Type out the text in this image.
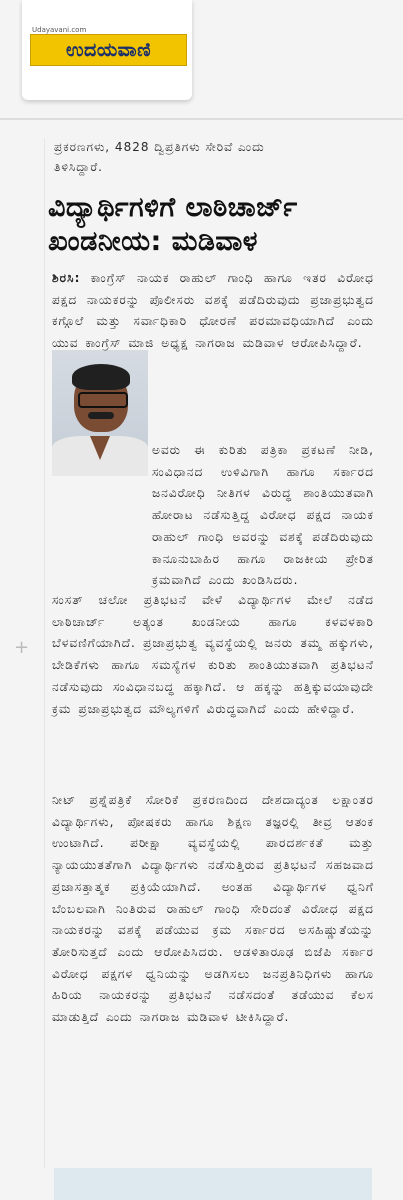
Udayavani.com
ಉದಯವಾಣಿ
ಪ್ರಕರಣಗಳು, 4828 ದ್ವಿಪ್ರತಿಗಳು ಸೇರಿವೆ ಎಂದು
ತಿಳಿಸಿದ್ದಾರೆ.
ವಿದ್ಯಾರ್ಥಿಗಳಿಗೆ ಲಾಠಿಚಾರ್ಜ್
ಖಂಡನೀಯ: ಮಡಿವಾಳ

ಶಿರಸಿ: ಕಾಂಗ್ರೆಸ್ ನಾಯಕ ರಾಹುಲ್ ಗಾಂಧಿ ಹಾಗೂ ಇತರ ವಿರೋಧ ಪಕ್ಷದ ನಾಯಕರನ್ನು ಪೊಲೀಸರು ವಶಕ್ಕೆ ಪಡೆದಿರುವುದು ಪ್ರಜಾಪ್ರಭುತ್ವದ ಕಗ್ಗೊಲೆ ಮತ್ತು ಸರ್ವಾಧಿಕಾರಿ ಧೋರಣೆ ಪರಮಾವಧಿಯಾಗಿದೆ ಎಂದು ಯುವ ಕಾಂಗ್ರೆಸ್ ಮಾಜಿ ಅಧ್ಯಕ್ಷ ನಾಗರಾಜ ಮಡಿವಾಳ ಆರೋಪಿಸಿದ್ದಾರೆ.

ಅವರು ಈ ಕುರಿತು ಪತ್ರಿಕಾ ಪ್ರಕಟಣೆ ನೀಡಿ, ಸಂವಿಧಾನದ ಉಳಿವಿಗಾಗಿ ಹಾಗೂ ಸರ್ಕಾರದ ಜನವಿರೋಧಿ ನೀತಿಗಳ ವಿರುದ್ಧ ಶಾಂತಿಯುತವಾಗಿ ಹೋರಾಟ ನಡೆಸುತ್ತಿದ್ದ ವಿರೋಧ ಪಕ್ಷದ ನಾಯಕ ರಾಹುಲ್ ಗಾಂಧಿ ಅವರನ್ನು ವಶಕ್ಕೆ ಪಡೆದಿರುವುದು ಕಾನೂನುಬಾಹಿರ ಹಾಗೂ ರಾಜಕೀಯ ಪ್ರೇರಿತ ಕ್ರಮವಾಗಿದೆ ಎಂದು ಖಂಡಿಸಿದರು.

ಸಂಸತ್ ಚಲೋ ಪ್ರತಿಭಟನೆ ವೇಳೆ ವಿದ್ಯಾರ್ಥಿಗಳ ಮೇಲೆ ನಡೆದ ಲಾಠಿಚಾರ್ಜ್ ಅತ್ಯಂತ ಖಂಡನೀಯ ಹಾಗೂ ಕಳವಳಕಾರಿ ಬೆಳವಣಿಗೆಯಾಗಿದೆ. ಪ್ರಜಾಪ್ರಭುತ್ವ ವ್ಯವಸ್ಥೆಯಲ್ಲಿ ಜನರು ತಮ್ಮ ಹಕ್ಕುಗಳು, ಬೇಡಿಕೆಗಳು ಹಾಗೂ ಸಮಸ್ಯೆಗಳ ಕುರಿತು ಶಾಂತಿಯುತವಾಗಿ ಪ್ರತಿಭಟನೆ ನಡೆಸುವುದು ಸಂವಿಧಾನಬದ್ಧ ಹಕ್ಕಾಗಿದೆ. ಆ ಹಕ್ಕನ್ನು ಹತ್ತಿಕ್ಕುವಯಾವುದೇ ಕ್ರಮ ಪ್ರಜಾಪ್ರಭುತ್ವದ ಮೌಲ್ಯಗಳಿಗೆ ವಿರುದ್ಧವಾಗಿದೆ ಎಂದು ಹೇಳಿದ್ದಾರೆ.

+

ನೀಟ್ ಪ್ರಶ್ನೆಪತ್ರಿಕೆ ಸೋರಿಕೆ ಪ್ರಕರಣದಿಂದ ದೇಶದಾದ್ಯಂತ ಲಕ್ಷಾಂತರ ವಿದ್ಯಾರ್ಥಿಗಳು, ಪೋಷಕರು ಹಾಗೂ ಶಿಕ್ಷಣ ತಜ್ಞರಲ್ಲಿ ತೀವ್ರ ಆತಂಕ ಉಂಟಾಗಿದೆ. ಪರೀಕ್ಷಾ ವ್ಯವಸ್ಥೆಯಲ್ಲಿ ಪಾರದರ್ಶಕತೆ ಮತ್ತು ನ್ಯಾಯಯುತತೆಗಾಗಿ ವಿದ್ಯಾರ್ಥಿಗಳು ನಡೆಸುತ್ತಿರುವ ಪ್ರತಿಭಟನೆ ಸಹಜವಾದ ಪ್ರಜಾಸತ್ತಾತ್ಮಕ ಪ್ರಕ್ರಿಯೆಯಾಗಿದೆ. ಅಂತಹ ವಿದ್ಯಾರ್ಥಿಗಳ ಧ್ವನಿಗೆ ಬೆಂಬಲವಾಗಿ ನಿಂತಿರುವ ರಾಹುಲ್ ಗಾಂಧಿ ಸೇರಿದಂತೆ ವಿರೋಧ ಪಕ್ಷದ ನಾಯಕರನ್ನು ವಶಕ್ಕೆ ಪಡೆಯುವ ಕ್ರಮ ಸರ್ಕಾರದ ಅಸಹಿಷ್ಣುತೆಯನ್ನು ತೋರಿಸುತ್ತದೆ ಎಂದು ಆರೋಪಿಸಿದರು. ಆಡಳಿತಾರೂಢ ಬಿಜೆಪಿ ಸರ್ಕಾರ ವಿರೋಧ ಪಕ್ಷಗಳ ಧ್ವನಿಯನ್ನು ಅಡಗಿಸಲು ಜನಪ್ರತಿನಿಧಿಗಳು ಹಾಗೂ ಹಿರಿಯ ನಾಯಕರನ್ನು ಪ್ರತಿಭಟನೆ ನಡೆಸದಂತೆ ತಡೆಯುವ ಕೆಲಸ ಮಾಡುತ್ತಿದೆ ಎಂದು ನಾಗರಾಜ ಮಡಿವಾಳ ಟೀಕಿಸಿದ್ದಾರೆ.
